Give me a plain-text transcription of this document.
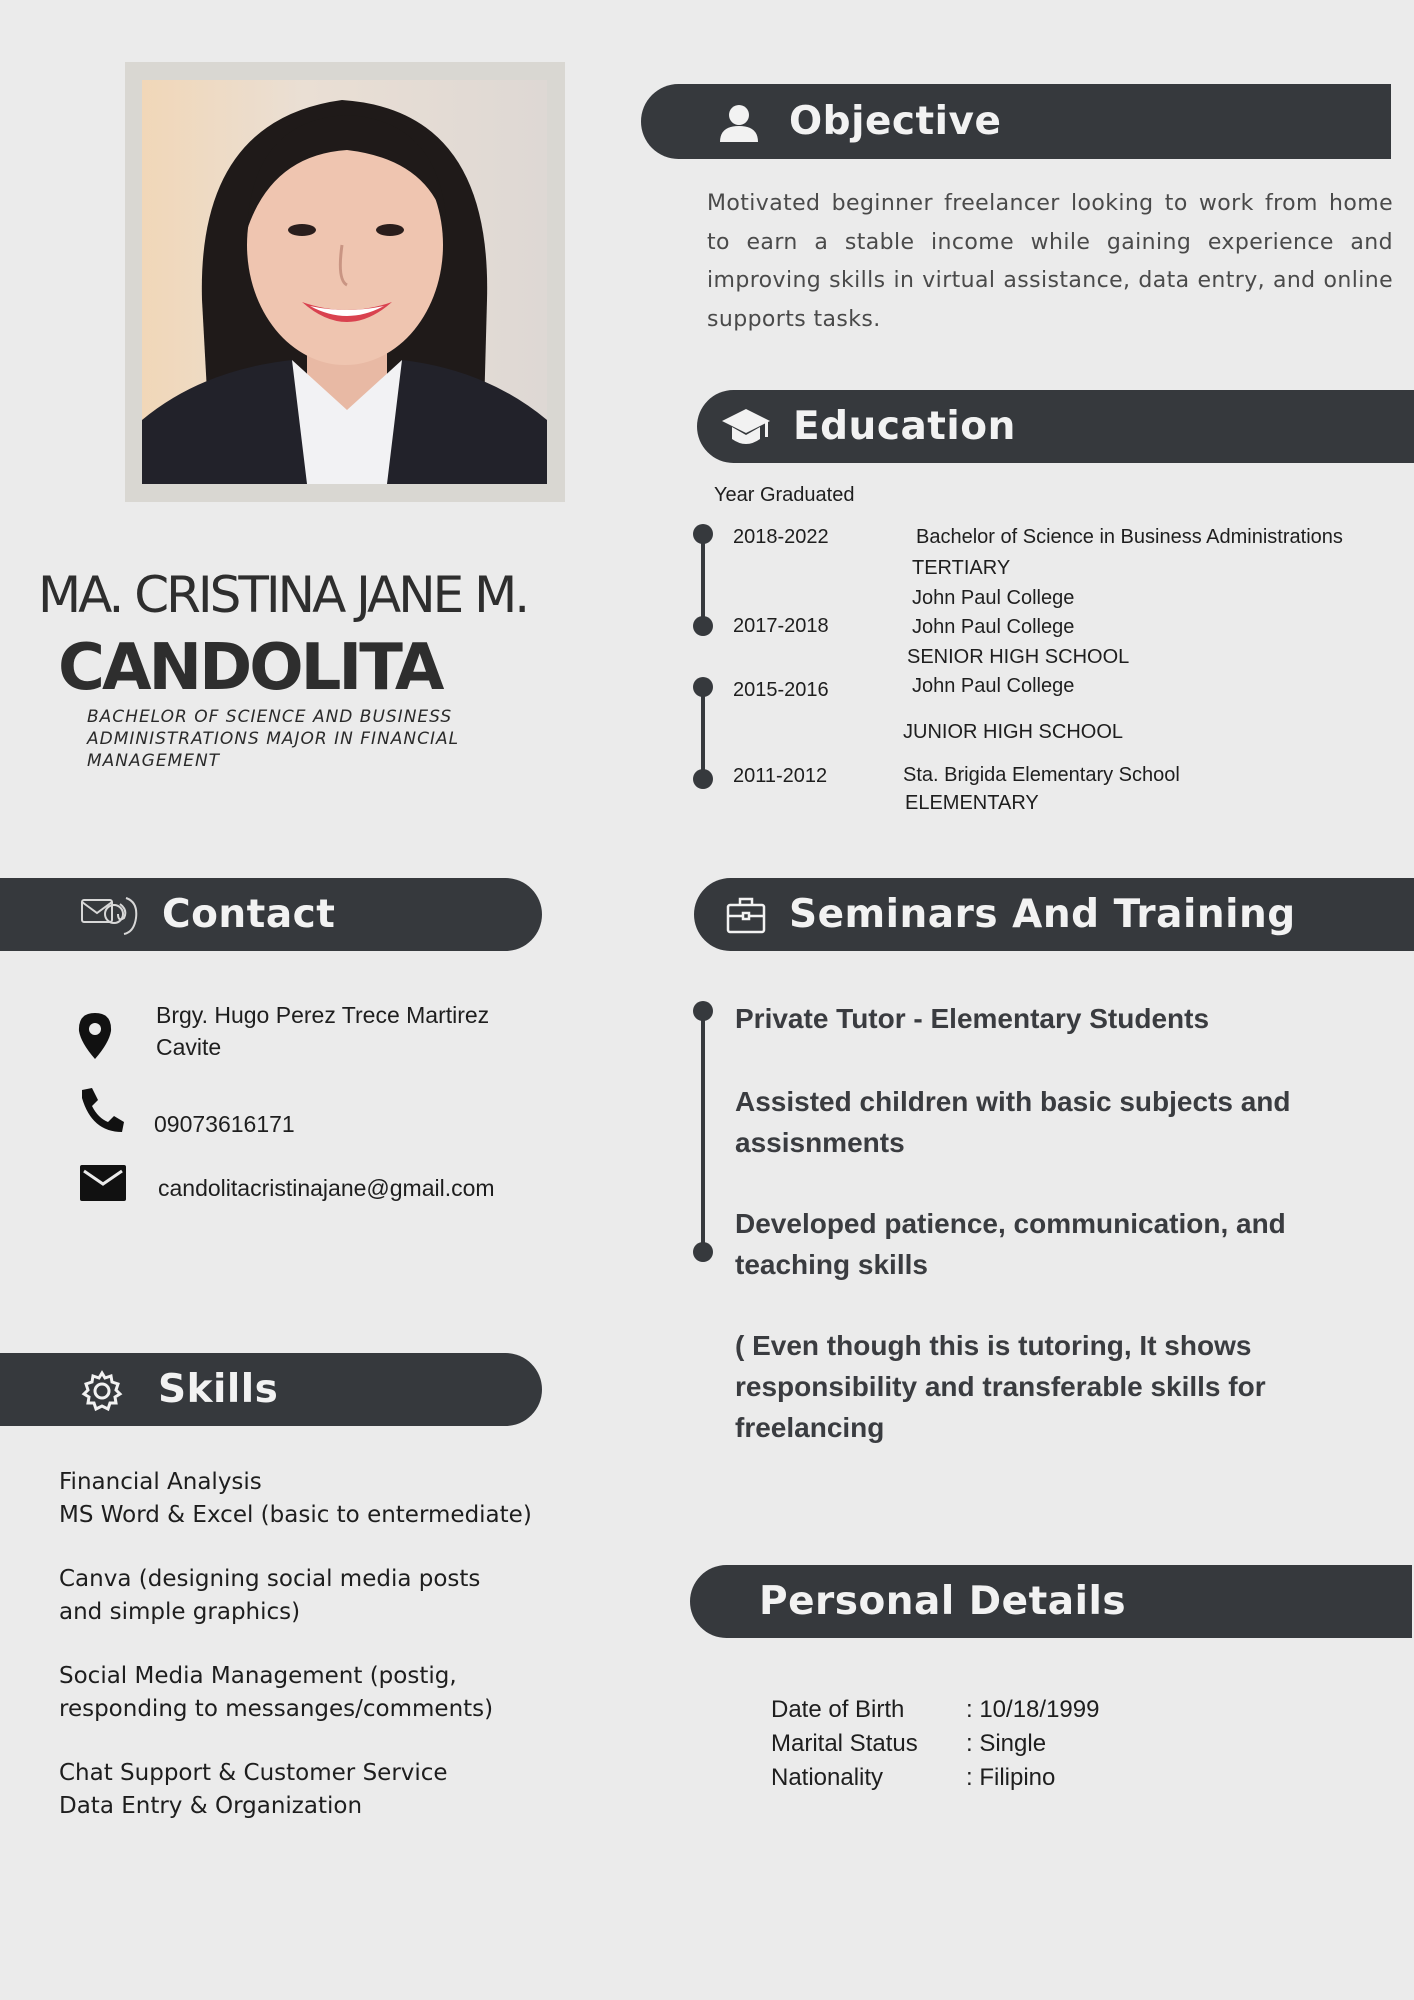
MA. CRISTINA JANE M.
CANDOLITA
BACHELOR OF SCIENCE AND BUSINESS ADMINISTRATIONS MAJOR IN FINANCIAL MANAGEMENT
Objective
Motivated beginner freelancer looking to work from home to earn a stable income while gaining experience and improving skills in virtual assistance, data entry, and online supports tasks.
Education
Year Graduated
2018-2022
2017-2018
2015-2016
2011-2012
Bachelor of Science in Business Administrations
TERTIARY
John Paul College
John Paul College
SENIOR HIGH SCHOOL
John Paul College
JUNIOR HIGH SCHOOL
Sta. Brigida Elementary School
ELEMENTARY
Contact
Brgy. Hugo Perez Trece Martirez
Cavite
09073616171
candolitacristinajane@gmail.com
Skills
Financial Analysis
MS Word & Excel (basic to entermediate)
Canva (designing social media posts
and simple graphics)
Social Media Management (postig,
responding to messanges/comments)
Chat Support & Customer Service
Data Entry & Organization
Seminars And Training
Private Tutor - Elementary Students
Assisted children with basic subjects and assisnments
Developed patience, communication, and teaching skills
( Even though this is tutoring, It shows responsibility and transferable skills for freelancing
Personal Details
Date of Birth	: 10/18/1999
Marital Status : Single
Nationality	: Filipino
